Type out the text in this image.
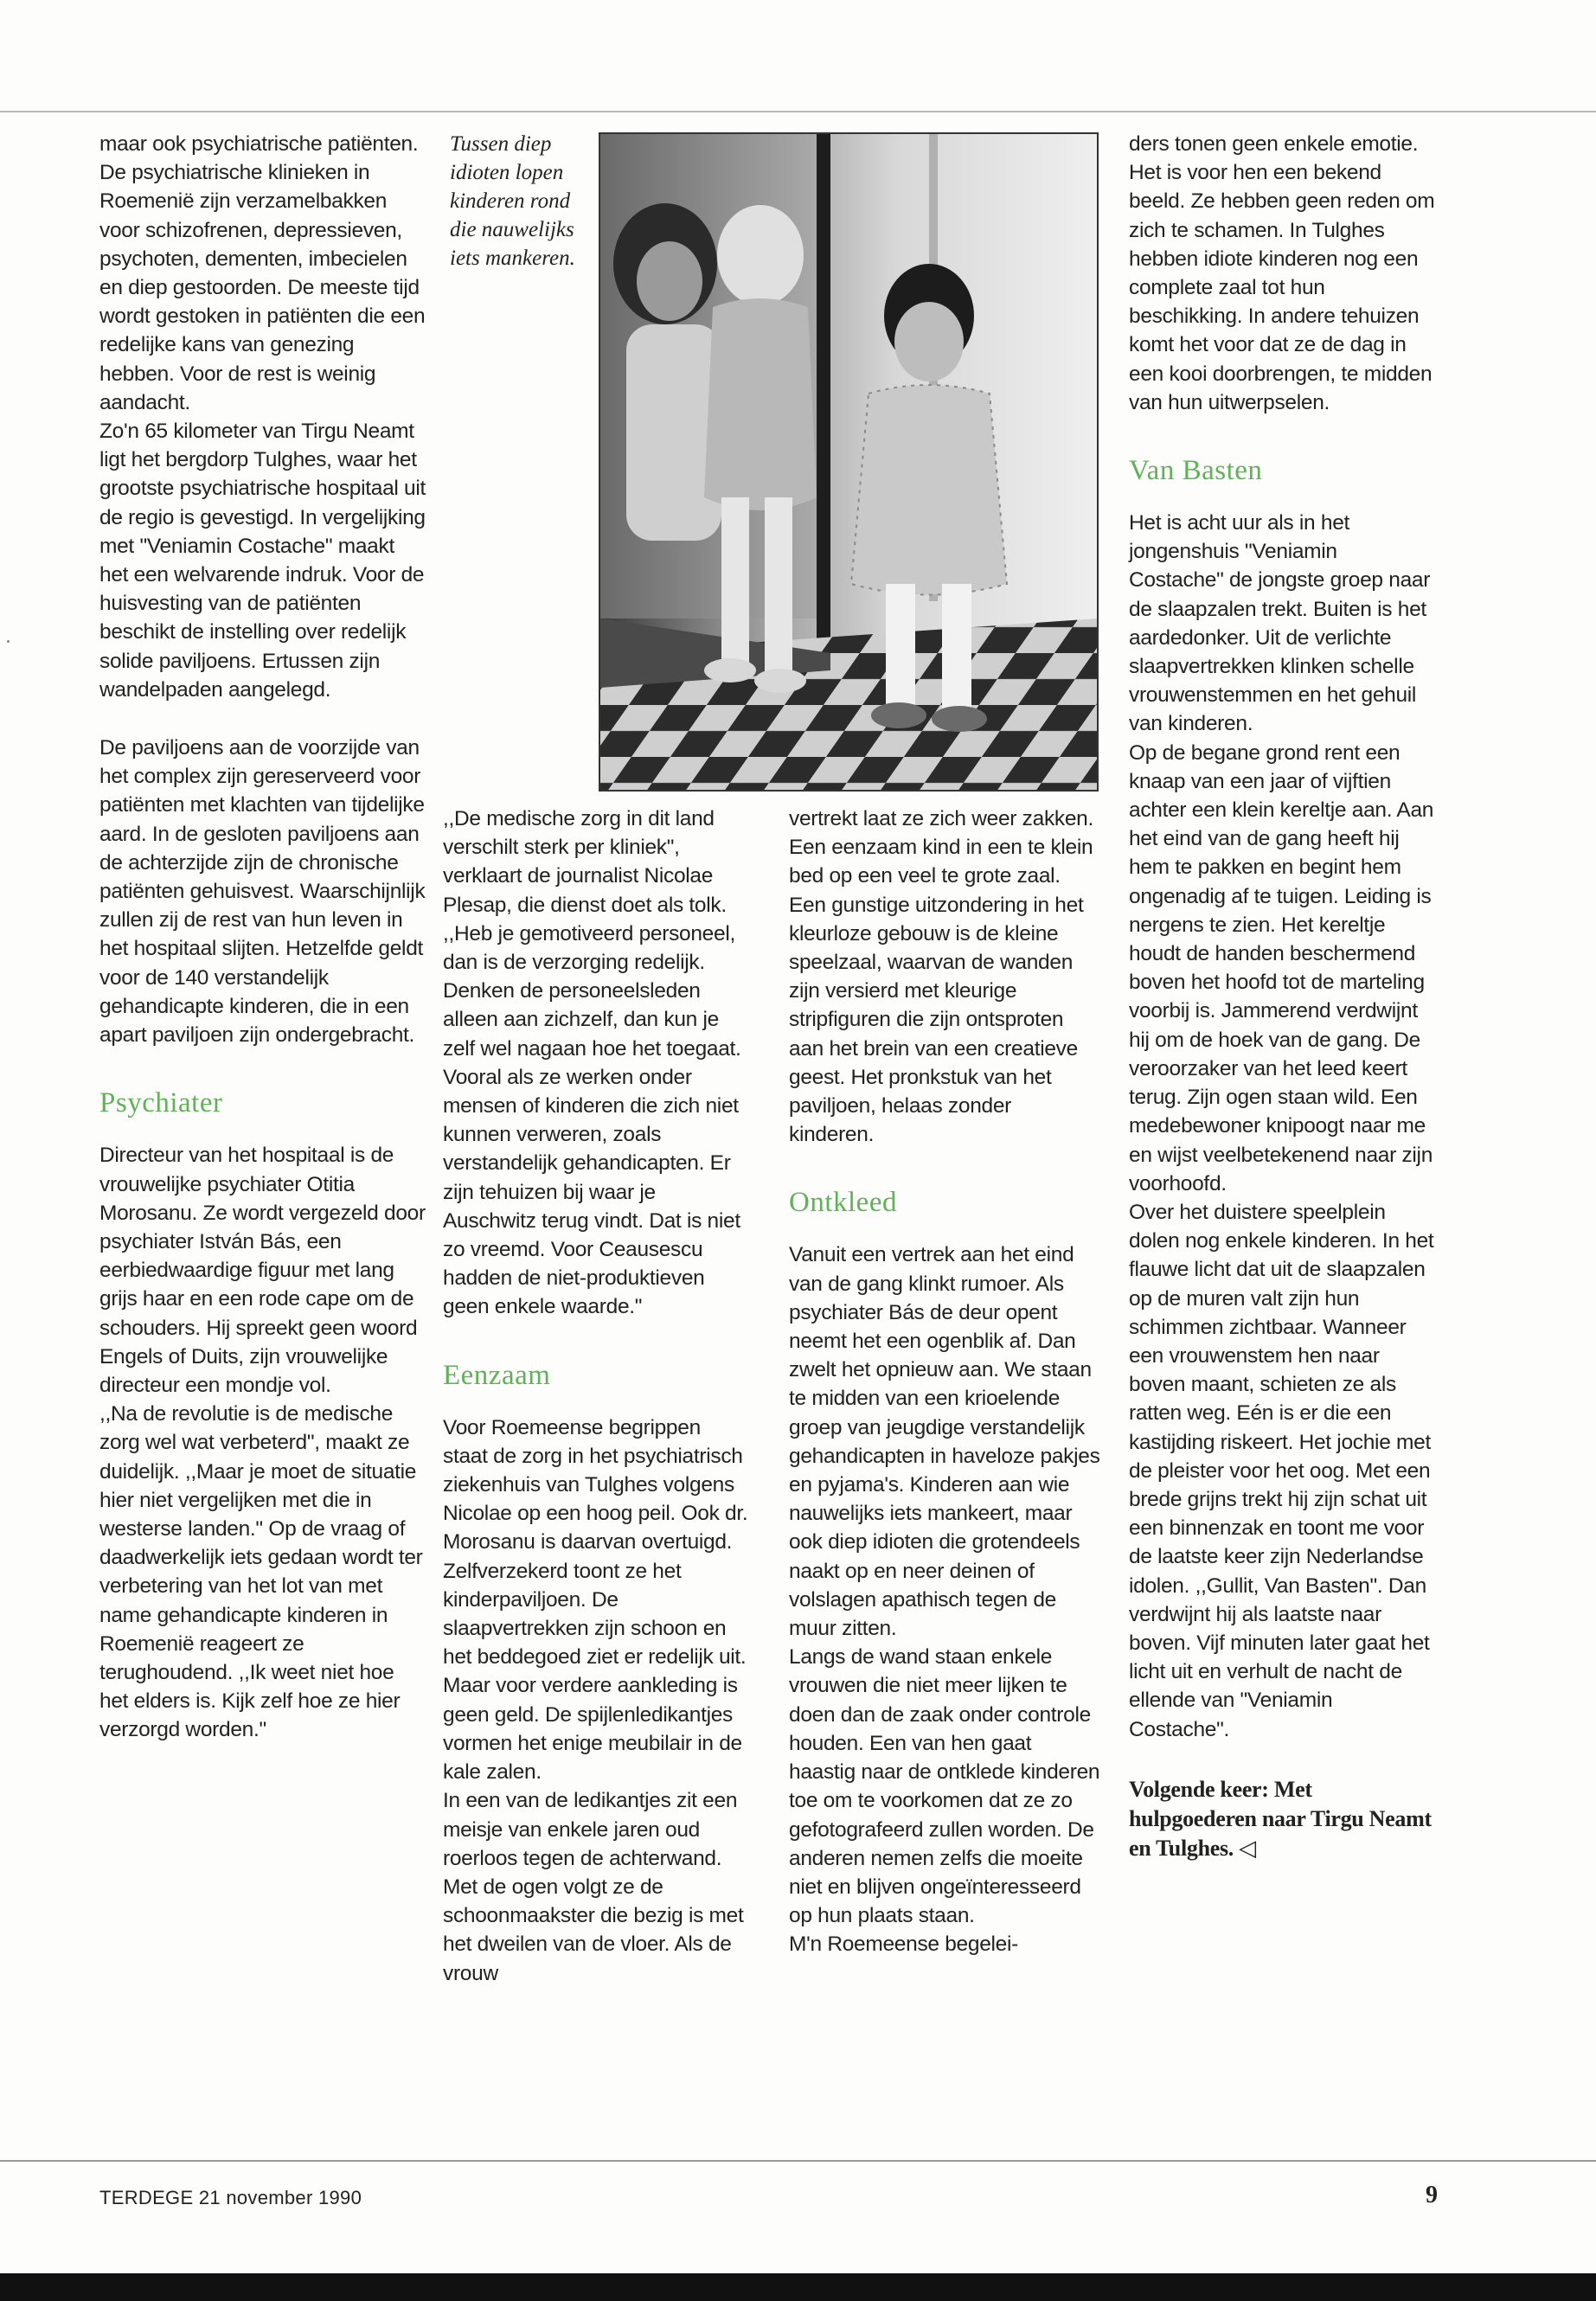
maar ook psychiatrische patiënten. De psychiatrische klinieken in Roemenië zijn verzamelbakken voor schizofrenen, depressieven, psychoten, dementen, imbecielen en diep gestoorden. De meeste tijd wordt gestoken in patiënten die een redelijke kans van genezing hebben. Voor de rest is weinig aandacht.

Zo'n 65 kilometer van Tirgu Neamt ligt het bergdorp Tulghes, waar het grootste psychiatrische hospitaal uit de regio is gevestigd. In vergelijking met "Veniamin Costache" maakt het een welvarende indruk. Voor de huisvesting van de patiënten beschikt de instelling over redelijk solide paviljoens. Ertussen zijn wandelpaden aangelegd.

De paviljoens aan de voorzijde van het complex zijn gereserveerd voor patiënten met klachten van tijdelijke aard. In de gesloten paviljoens aan de achterzijde zijn de chronische patiënten gehuisvest. Waarschijnlijk zullen zij de rest van hun leven in het hospitaal slijten. Hetzelfde geldt voor de 140 verstandelijk gehandicapte kinderen, die in een apart paviljoen zijn ondergebracht.

Psychiater

Directeur van het hospitaal is de vrouwelijke psychiater Otitia Morosanu. Ze wordt vergezeld door psychiater István Bás, een eerbiedwaardige figuur met lang grijs haar en een rode cape om de schouders. Hij spreekt geen woord Engels of Duits, zijn vrouwelijke directeur een mondje vol.

,,Na de revolutie is de medische zorg wel wat verbeterd", maakt ze duidelijk. ,,Maar je moet de situatie hier niet vergelijken met die in westerse landen." Op de vraag of daadwerkelijk iets gedaan wordt ter verbetering van het lot van met name gehandicapte kinderen in Roemenië reageert ze terughoudend. ,,Ik weet niet hoe het elders is. Kijk zelf hoe ze hier verzorgd worden."

Tussen diep idioten lopen kinderen rond die nauwelijks iets mankeren.

,,De medische zorg in dit land verschilt sterk per kliniek", verklaart de journalist Nicolae Plesap, die dienst doet als tolk. ,,Heb je gemotiveerd personeel, dan is de verzorging redelijk. Denken de personeelsleden alleen aan zichzelf, dan kun je zelf wel nagaan hoe het toegaat. Vooral als ze werken onder mensen of kinderen die zich niet kunnen verweren, zoals verstandelijk gehandicapten. Er zijn tehuizen bij waar je Auschwitz terug vindt. Dat is niet zo vreemd. Voor Ceausescu hadden de niet-produktieven geen enkele waarde."

Eenzaam

Voor Roemeense begrippen staat de zorg in het psychiatrisch ziekenhuis van Tulghes volgens Nicolae op een hoog peil. Ook dr. Morosanu is daarvan overtuigd. Zelfverzekerd toont ze het kinderpaviljoen. De slaapvertrekken zijn schoon en het beddegoed ziet er redelijk uit. Maar voor verdere aankleding is geen geld. De spijlenledikantjes vormen het enige meubilair in de kale zalen.

In een van de ledikantjes zit een meisje van enkele jaren oud roerloos tegen de achterwand. Met de ogen volgt ze de schoonmaakster die bezig is met het dweilen van de vloer. Als de vrouw

vertrekt laat ze zich weer zakken. Een eenzaam kind in een te klein bed op een veel te grote zaal.

Een gunstige uitzondering in het kleurloze gebouw is de kleine speelzaal, waarvan de wanden zijn versierd met kleurige stripfiguren die zijn ontsproten aan het brein van een creatieve geest. Het pronkstuk van het paviljoen, helaas zonder kinderen.

Ontkleed

Vanuit een vertrek aan het eind van de gang klinkt rumoer. Als psychiater Bás de deur opent neemt het een ogenblik af. Dan zwelt het opnieuw aan. We staan te midden van een krioelende groep van jeugdige verstandelijk gehandicapten in haveloze pakjes en pyjama's. Kinderen aan wie nauwelijks iets mankeert, maar ook diep idioten die grotendeels naakt op en neer deinen of volslagen apathisch tegen de muur zitten.

Langs de wand staan enkele vrouwen die niet meer lijken te doen dan de zaak onder controle houden. Een van hen gaat haastig naar de ontklede kinderen toe om te voorkomen dat ze zo gefotografeerd zullen worden. De anderen nemen zelfs die moeite niet en blijven ongeïnteresseerd op hun plaats staan.

M'n Roemeense begelei-

ders tonen geen enkele emotie. Het is voor hen een bekend beeld. Ze hebben geen reden om zich te schamen. In Tulghes hebben idiote kinderen nog een complete zaal tot hun beschikking. In andere tehuizen komt het voor dat ze de dag in een kooi doorbrengen, te midden van hun uitwerpselen.

Van Basten

Het is acht uur als in het jongenshuis "Veniamin Costache" de jongste groep naar de slaapzalen trekt. Buiten is het aardedonker. Uit de verlichte slaapvertrekken klinken schelle vrouwenstemmen en het gehuil van kinderen.

Op de begane grond rent een knaap van een jaar of vijftien achter een klein kereltje aan. Aan het eind van de gang heeft hij hem te pakken en begint hem ongenadig af te tuigen. Leiding is nergens te zien. Het kereltje houdt de handen beschermend boven het hoofd tot de marteling voorbij is. Jammerend verdwijnt hij om de hoek van de gang. De veroorzaker van het leed keert terug. Zijn ogen staan wild. Een medebewoner knipoogt naar me en wijst veelbetekenend naar zijn voorhoofd.

Over het duistere speelplein dolen nog enkele kinderen. In het flauwe licht dat uit de slaapzalen op de muren valt zijn hun schimmen zichtbaar. Wanneer een vrouwenstem hen naar boven maant, schieten ze als ratten weg. Eén is er die een kastijding riskeert. Het jochie met de pleister voor het oog. Met een brede grijns trekt hij zijn schat uit een binnenzak en toont me voor de laatste keer zijn Nederlandse idolen. ,,Gullit, Van Basten". Dan verdwijnt hij als laatste naar boven. Vijf minuten later gaat het licht uit en verhult de nacht de ellende van "Veniamin Costache".

Volgende keer: Met hulpgoederen naar Tirgu Neamt en Tulghes. ◁
TERDEGE 21 november 1990	9
